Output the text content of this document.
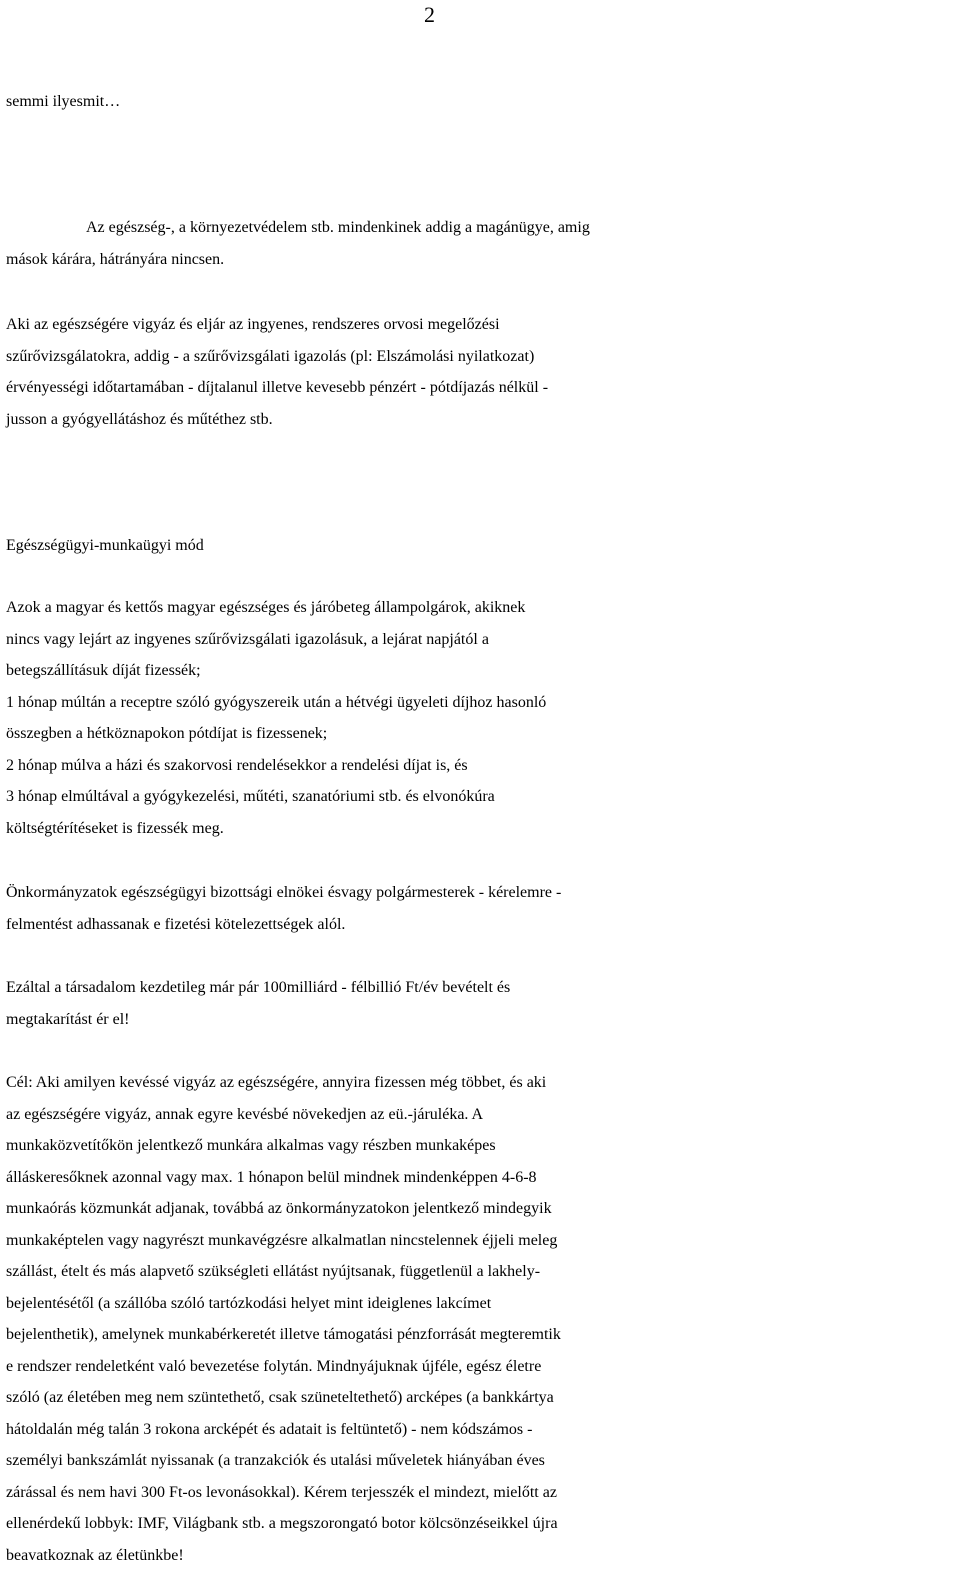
2

semmi ilyesmit…

Az egészség-, a környezetvédelem stb. mindenkinek addig a magánügye, amig
mások kárára, hátrányára nincsen.

Aki az egészségére vigyáz és eljár az ingyenes, rendszeres orvosi megelőzési
szűrővizsgálatokra, addig - a szűrővizsgálati igazolás (pl: Elszámolási nyilatkozat)
érvényességi időtartamában - díjtalanul illetve kevesebb pénzért - pótdíjazás nélkül -
jusson a gyógyellátáshoz és műtéthez stb.

Egészségügyi-munkaügyi mód

Azok a magyar és kettős magyar egészséges és járóbeteg állampolgárok, akiknek
nincs vagy lejárt az ingyenes szűrővizsgálati igazolásuk, a lejárat napjától a
betegszállításuk díját fizessék;
1 hónap múltán a receptre szóló gyógyszereik után a hétvégi ügyeleti díjhoz hasonló
összegben a hétköznapokon pótdíjat is fizessenek;
2 hónap múlva a házi és szakorvosi rendelésekkor a rendelési díjat is, és
3 hónap elmúltával a gyógykezelési, műtéti, szanatóriumi stb. és elvonókúra
költségtérítéseket is fizessék meg.

Önkormányzatok egészségügyi bizottsági elnökei ésvagy polgármesterek - kérelemre -
felmentést adhassanak e fizetési kötelezettségek alól.

Ezáltal a társadalom kezdetileg már pár 100milliárd - félbillió Ft/év bevételt és
megtakarítást ér el!

Cél: Aki amilyen kevéssé vigyáz az egészségére, annyira fizessen még többet, és aki
az egészségére vigyáz, annak egyre kevésbé növekedjen az eü.-járuléka. A
munkaközvetítőkön jelentkező munkára alkalmas vagy részben munkaképes
álláskeresőknek azonnal vagy max. 1 hónapon belül mindnek mindenképpen 4-6-8
munkaórás közmunkát adjanak, továbbá az önkormányzatokon jelentkező mindegyik
munkaképtelen vagy nagyrészt munkavégzésre alkalmatlan nincstelennek éjjeli meleg
szállást, ételt és más alapvető szükségleti ellátást nyújtsanak, függetlenül a lakhely-
bejelentésétől (a szállóba szóló tartózkodási helyet mint ideiglenes lakcímet
bejelenthetik), amelynek munkabérkeretét illetve támogatási pénzforrását megteremtik
e rendszer rendeletként való bevezetése folytán. Mindnyájuknak újféle, egész életre
szóló (az életében meg nem szüntethető, csak szüneteltethető) arcképes (a bankkártya
hátoldalán még talán 3 rokona arcképét és adatait is feltüntető) - nem kódszámos -
személyi bankszámlát nyissanak (a tranzakciók és utalási műveletek hiányában éves
zárással és nem havi 300 Ft-os levonásokkal). Kérem terjesszék el mindezt, mielőtt az
ellenérdekű lobbyk: IMF, Világbank stb. a megszorongató botor kölcsönzéseikkel újra
beavatkoznak az életünkbe!
